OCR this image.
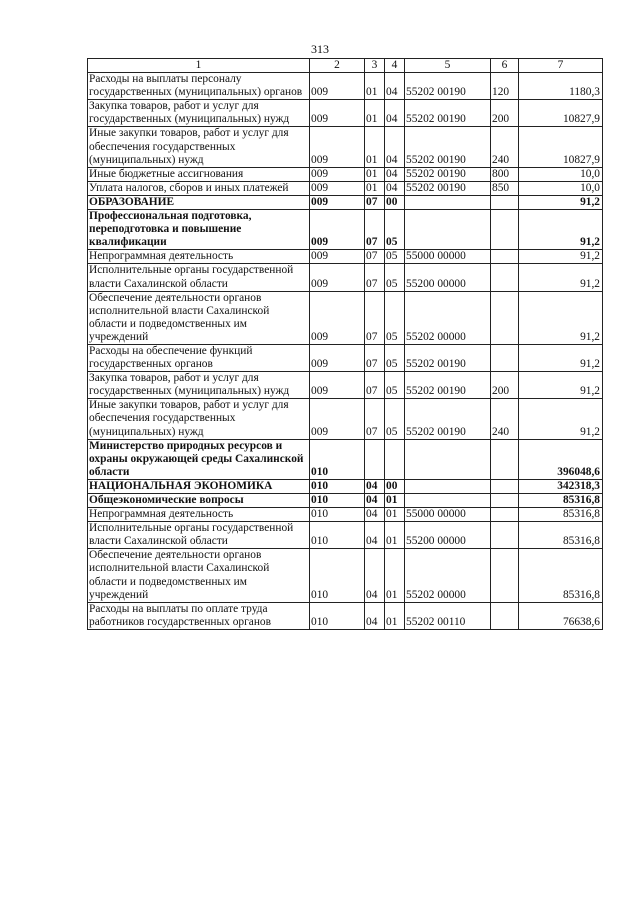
313
1	2	3	4	5	6	7
Расходы на выплаты персоналу государственных (муниципальных) органов	009	01	04	55202 00190	120	1180,3
Закупка товаров, работ и услуг для государственных (муниципальных) нужд	009	01	04	55202 00190	200	10827,9
Иные закупки товаров, работ и услуг для обеспечения государственных (муниципальных) нужд	009	01	04	55202 00190	240	10827,9
Иные бюджетные ассигнования	009	01	04	55202 00190	800	10,0
Уплата налогов, сборов и иных платежей	009	01	04	55202 00190	850	10,0
ОБРАЗОВАНИЕ	009	07	00			91,2
Профессиональная подготовка, переподготовка и повышение квалификации	009	07	05			91,2
Непрограммная деятельность	009	07	05	55000 00000		91,2
Исполнительные органы государственной власти Сахалинской области	009	07	05	55200 00000		91,2
Обеспечение деятельности органов исполнительной власти Сахалинской области и подведомственных им учреждений	009	07	05	55202 00000		91,2
Расходы на обеспечение функций государственных органов	009	07	05	55202 00190		91,2
Закупка товаров, работ и услуг для государственных (муниципальных) нужд	009	07	05	55202 00190	200	91,2
Иные закупки товаров, работ и услуг для обеспечения государственных (муниципальных) нужд	009	07	05	55202 00190	240	91,2
Министерство природных ресурсов и охраны окружающей среды Сахалинской области	010					396048,6
НАЦИОНАЛЬНАЯ ЭКОНОМИКА	010	04	00			342318,3
Общеэкономические вопросы	010	04	01			85316,8
Непрограммная деятельность	010	04	01	55000 00000		85316,8
Исполнительные органы государственной власти Сахалинской области	010	04	01	55200 00000		85316,8
Обеспечение деятельности органов исполнительной власти Сахалинской области и подведомственных им учреждений	010	04	01	55202 00000		85316,8
Расходы на выплаты по оплате труда работников государственных органов	010	04	01	55202 00110		76638,6
